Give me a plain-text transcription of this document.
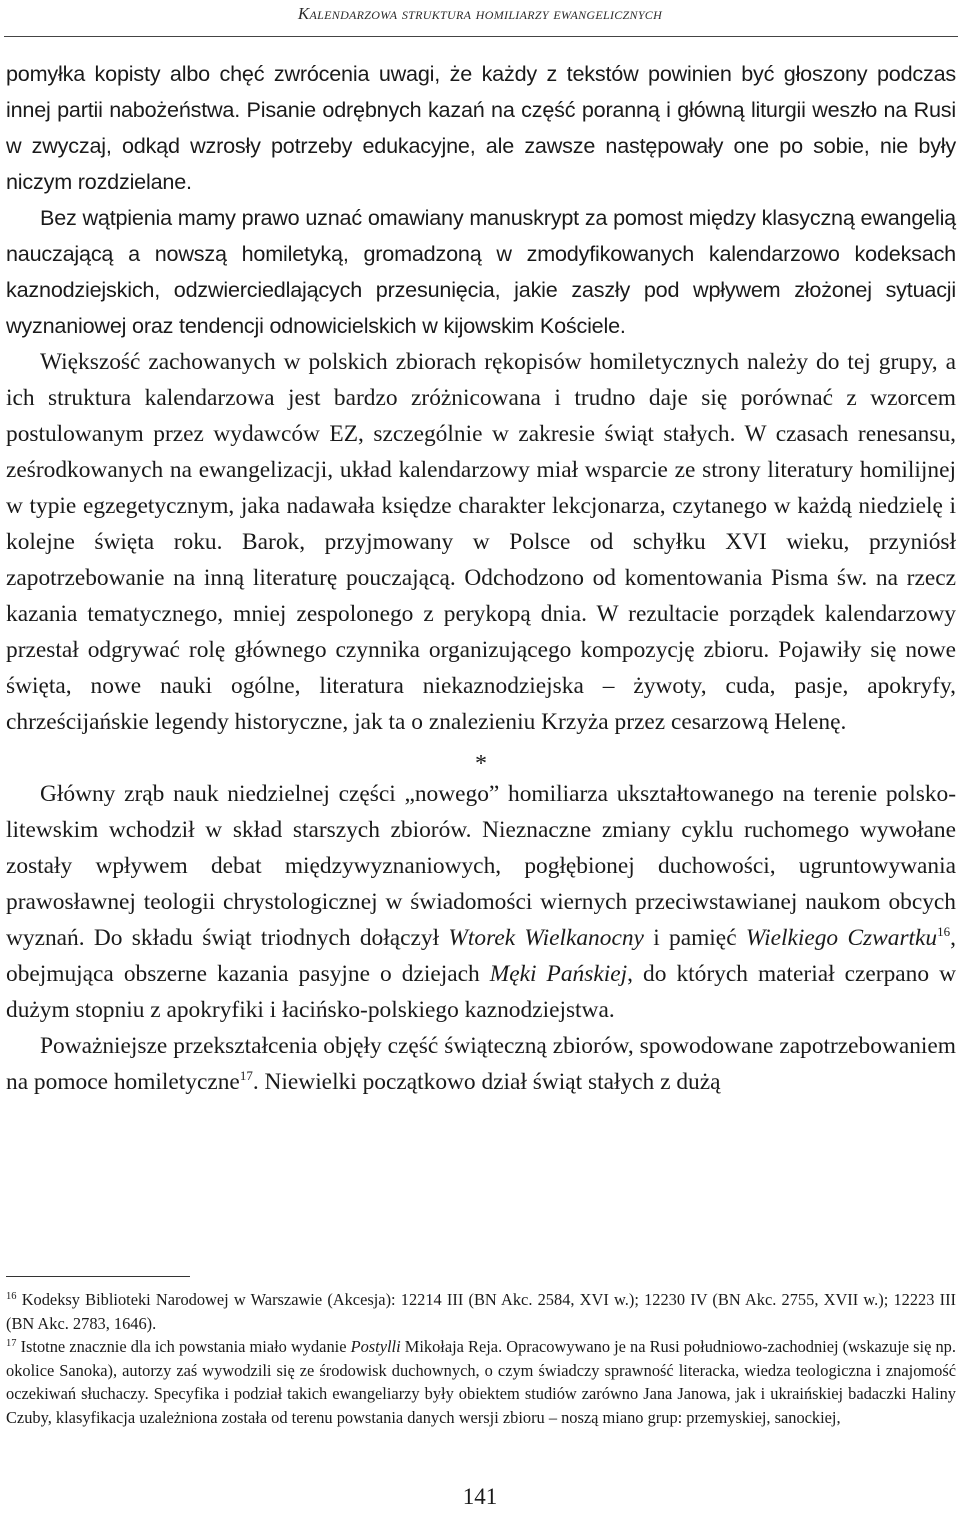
Kalendarzowa struktura homiliarzy ewangelicznych

pomyłka kopisty albo chęć zwrócenia uwagi, że każdy z tekstów powinien być głoszony podczas innej partii nabożeństwa. Pisanie odrębnych kazań na część poranną i główną liturgii weszło na Rusi w zwyczaj, odkąd wzrosły potrzeby edukacyjne, ale zawsze następowały one po sobie, nie były niczym rozdzielane.

Bez wątpienia mamy prawo uznać omawiany manuskrypt za pomost między klasyczną ewangelią nauczającą a nowszą homiletyką, gromadzoną w zmodyfikowanych kalendarzowo kodeksach kaznodziejskich, odzwierciedlających przesunięcia, jakie zaszły pod wpływem złożonej sytuacji wyznaniowej oraz tendencji odnowicielskich w kijowskim Kościele.

Większość zachowanych w polskich zbiorach rękopisów homiletycznych należy do tej grupy, a ich struktura kalendarzowa jest bardzo zróżnicowana i trudno daje się porównać z wzorcem postulowanym przez wydawców EZ, szczególnie w zakresie świąt stałych. W czasach renesansu, ześrodkowanych na ewangelizacji, układ kalendarzowy miał wsparcie ze strony literatury homilijnej w typie egzegetycznym, jaka nadawała księdze charakter lekcjonarza, czytanego w każdą niedzielę i kolejne święta roku. Barok, przyjmowany w Polsce od schyłku XVI wieku, przyniósł zapotrzebowanie na inną literaturę pouczającą. Odchodzono od komentowania Pisma św. na rzecz kazania tematycznego, mniej zespolonego z perykopą dnia. W rezultacie porządek kalendarzowy przestał odgrywać rolę głównego czynnika organizującego kompozycję zbioru. Pojawiły się nowe święta, nowe nauki ogólne, literatura niekaznodziejska – żywoty, cuda, pasje, apokryfy, chrześcijańskie legendy historyczne, jak ta o znalezieniu Krzyża przez cesarzową Helenę.

*

Główny zrąb nauk niedzielnej części „nowego” homiliarza ukształtowanego na terenie polsko-litewskim wchodził w skład starszych zbiorów. Nieznaczne zmiany cyklu ruchomego wywołane zostały wpływem debat międzywyznaniowych, pogłębionej duchowości, ugruntowywania prawosławnej teologii chrystologicznej w świadomości wiernych przeciwstawianej naukom obcych wyznań. Do składu świąt triodnych dołączył Wtorek Wielkanocny i pamięć Wielkiego Czwartku$^{16}$, obejmująca obszerne kazania pasyjne o dziejach Męki Pańskiej, do których materiał czerpano w dużym stopniu z apokryfiki i łacińsko-polskiego kaznodziejstwa.

Poważniejsze przekształcenia objęły część świąteczną zbiorów, spowodowane zapotrzebowaniem na pomoce homiletyczne$^{17}$. Niewielki początkowo dział świąt stałych z dużą

$^{16}$ Kodeksy Biblioteki Narodowej w Warszawie (Akcesja): 12214 III (BN Akc. 2584, XVI w.); 12230 IV (BN Akc. 2755, XVII w.); 12223 III (BN Akc. 2783, 1646).

$^{17}$ Istotne znacznie dla ich powstania miało wydanie Postylli Mikołaja Reja. Opracowywano je na Rusi południowo-zachodniej (wskazuje się np. okolice Sanoka), autorzy zaś wywodzili się ze środowisk duchownych, o czym świadczy sprawność literacka, wiedza teologiczna i znajomość oczekiwań słuchaczy. Specyfika i podział takich ewangeliarzy były obiektem studiów zarówno Jana Janowa, jak i ukraińskiej badaczki Haliny Czuby, klasyfikacja uzależniona została od terenu powstania danych wersji zbioru – noszą miano grup: przemyskiej, sanockiej,

141
